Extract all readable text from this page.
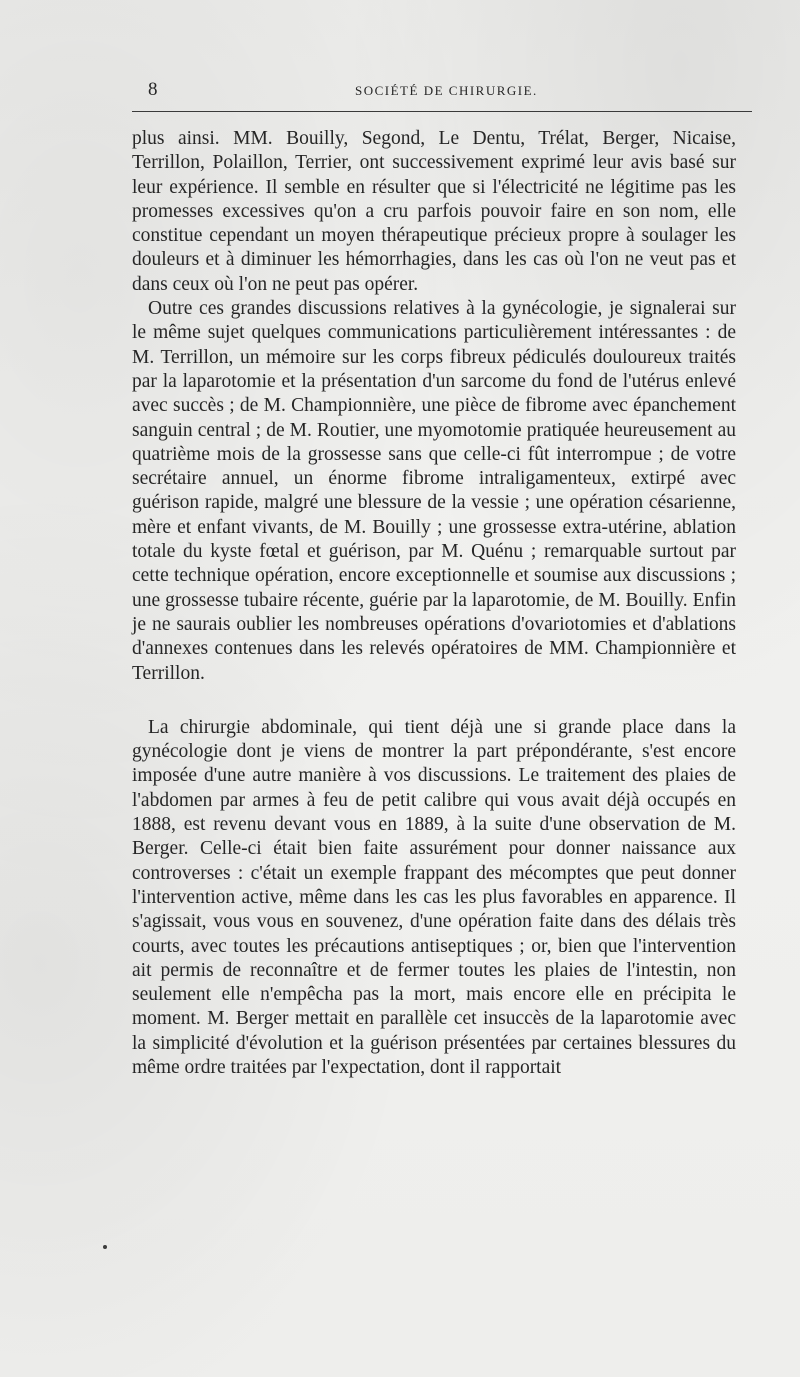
8	SOCIÉTÉ DE CHIRURGIE.

plus ainsi. MM. Bouilly, Segond, Le Dentu, Trélat, Berger, Nicaise, Terrillon, Polaillon, Terrier, ont successivement exprimé leur avis basé sur leur expérience. Il semble en résulter que si l'électricité ne légitime pas les promesses excessives qu'on a cru parfois pouvoir faire en son nom, elle constitue cependant un moyen thérapeutique précieux propre à soulager les douleurs et à diminuer les hémorrhagies, dans les cas où l'on ne veut pas et dans ceux où l'on ne peut pas opérer.

Outre ces grandes discussions relatives à la gynécologie, je signalerai sur le même sujet quelques communications particulièrement intéressantes : de M. Terrillon, un mémoire sur les corps fibreux pédiculés douloureux traités par la laparotomie et la présentation d'un sarcome du fond de l'utérus enlevé avec succès ; de M. Championnière, une pièce de fibrome avec épanchement sanguin central ; de M. Routier, une myomotomie pratiquée heureusement au quatrième mois de la grossesse sans que celle-ci fût interrompue ; de votre secrétaire annuel, un énorme fibrome intraligamenteux, extirpé avec guérison rapide, malgré une blessure de la vessie ; une opération césarienne, mère et enfant vivants, de M. Bouilly ; une grossesse extra-utérine, ablation totale du kyste fœtal et guérison, par M. Quénu ; remarquable surtout par cette technique opération, encore exceptionnelle et soumise aux discussions ; une grossesse tubaire récente, guérie par la laparotomie, de M. Bouilly. Enfin je ne saurais oublier les nombreuses opérations d'ovariotomies et d'ablations d'annexes contenues dans les relevés opératoires de MM. Championnière et Terrillon.

La chirurgie abdominale, qui tient déjà une si grande place dans la gynécologie dont je viens de montrer la part prépondérante, s'est encore imposée d'une autre manière à vos discussions. Le traitement des plaies de l'abdomen par armes à feu de petit calibre qui vous avait déjà occupés en 1888, est revenu devant vous en 1889, à la suite d'une observation de M. Berger. Celle-ci était bien faite assurément pour donner naissance aux controverses : c'était un exemple frappant des mécomptes que peut donner l'intervention active, même dans les cas les plus favorables en apparence. Il s'agissait, vous vous en souvenez, d'une opération faite dans des délais très courts, avec toutes les précautions antiseptiques ; or, bien que l'intervention ait permis de reconnaître et de fermer toutes les plaies de l'intestin, non seulement elle n'empêcha pas la mort, mais encore elle en précipita le moment. M. Berger mettait en parallèle cet insuccès de la laparotomie avec la simplicité d'évolution et la guérison présentées par certaines blessures du même ordre traitées par l'expectation, dont il rapportait
